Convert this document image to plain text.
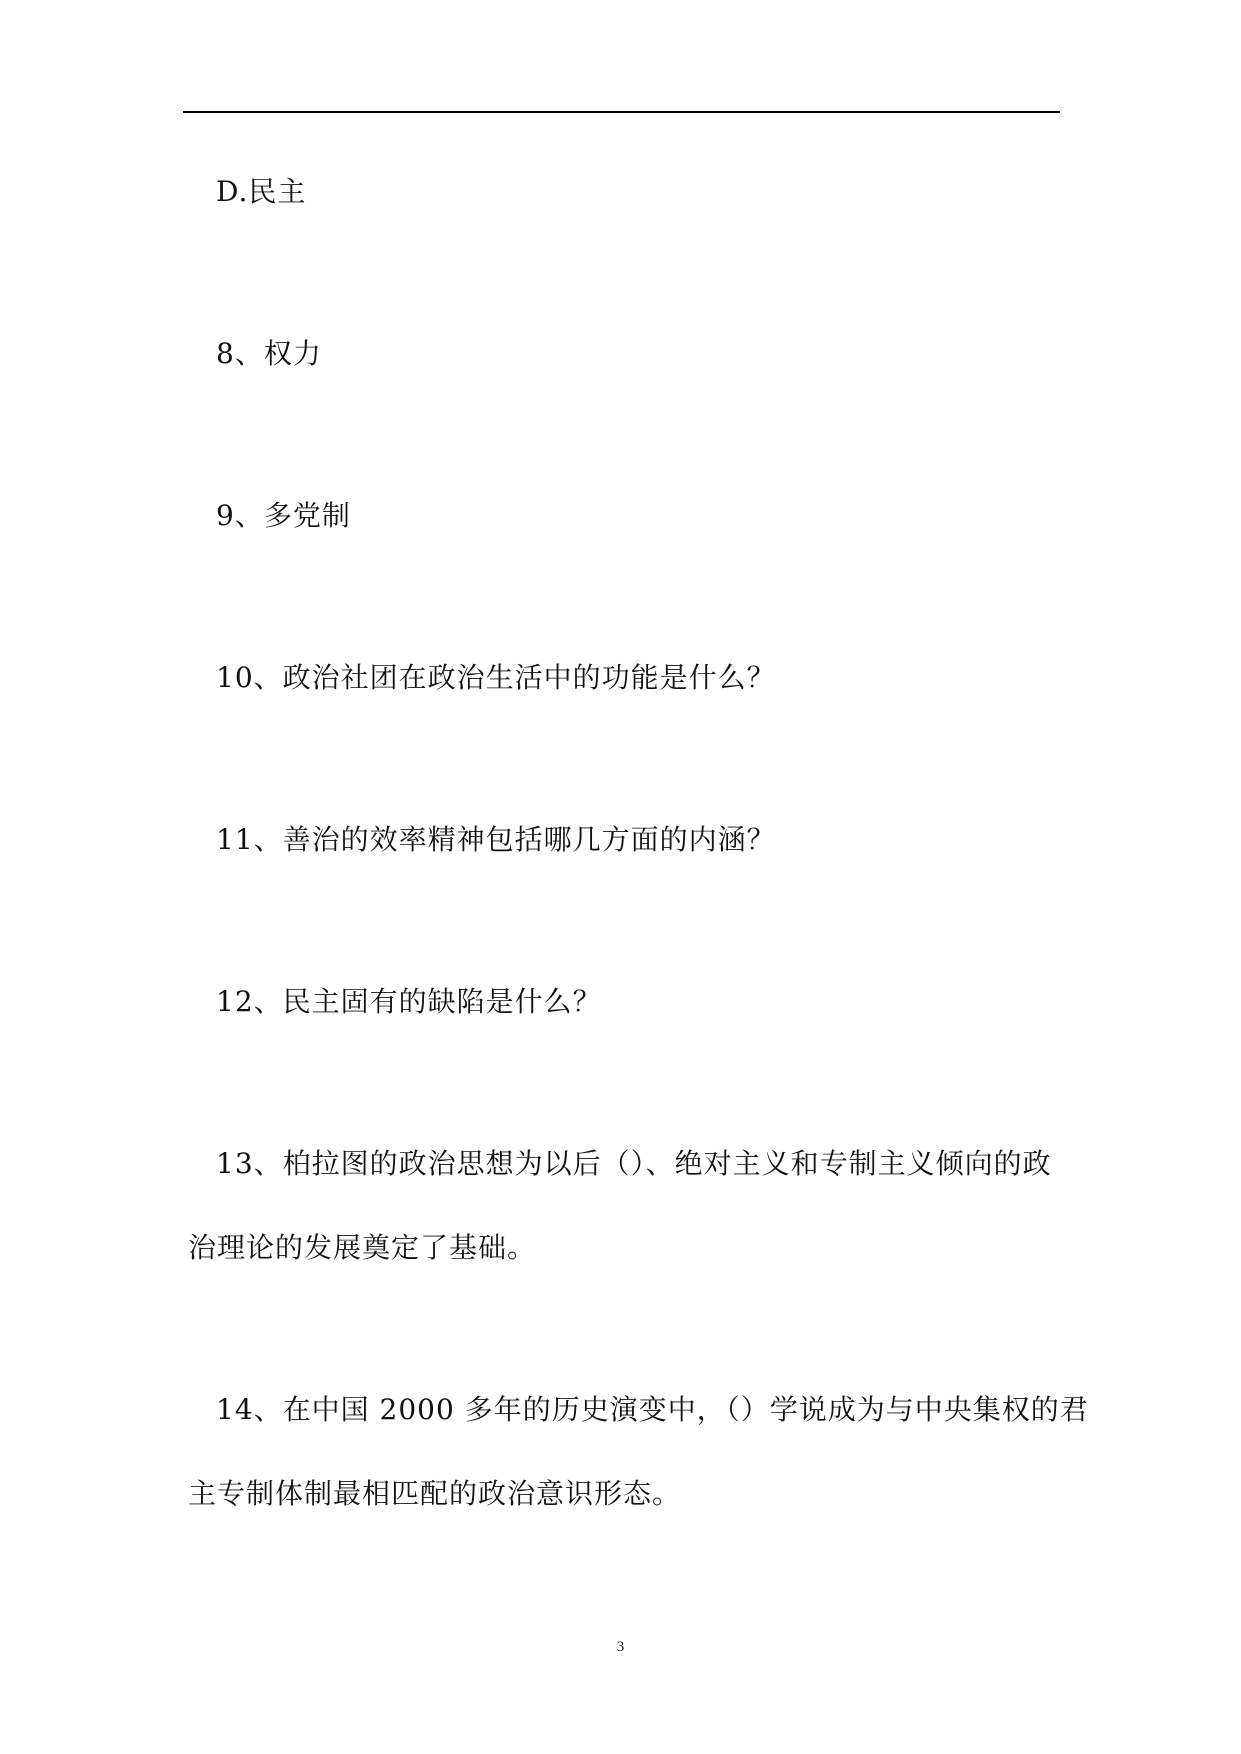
D.民主

8、权力

9、多党制

10、政治社团在政治生活中的功能是什么？

11、善治的效率精神包括哪几方面的内涵？

12、民主固有的缺陷是什么？

13、柏拉图的政治思想为以后（）、绝对主义和专制主义倾向的政

治理论的发展奠定了基础。

14、在中国 2000 多年的历史演变中，（）学说成为与中央集权的君

主专制体制最相匹配的政治意识形态。

3
